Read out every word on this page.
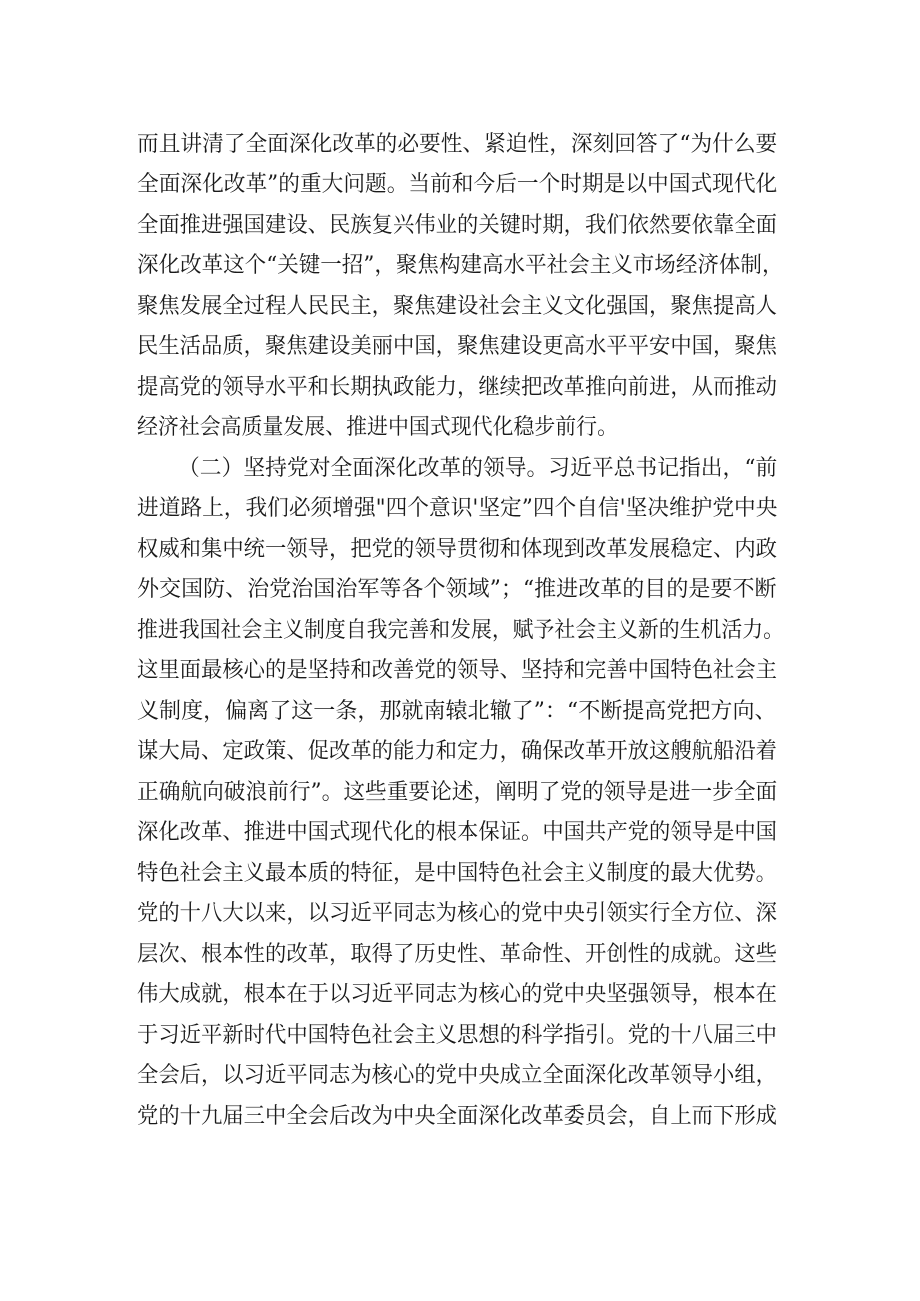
而且讲清了全面深化改革的必要性、紧迫性，深刻回答了“为什么要
全面深化改革”的重大问题。当前和今后一个时期是以中国式现代化
全面推进强国建设、民族复兴伟业的关键时期，我们依然要依靠全面
深化改革这个“关键一招”，聚焦构建高水平社会主义市场经济体制，
聚焦发展全过程人民民主，聚焦建设社会主义文化强国，聚焦提高人
民生活品质，聚焦建设美丽中国，聚焦建设更高水平平安中国，聚焦
提高党的领导水平和长期执政能力，继续把改革推向前进，从而推动
经济社会高质量发展、推进中国式现代化稳步前行。
（二）坚持党对全面深化改革的领导。习近平总书记指出，“前
进道路上，我们必须增强"四个意识'坚定”四个自信'坚决维护党中央
权威和集中统一领导，把党的领导贯彻和体现到改革发展稳定、内政
外交国防、治党治国治军等各个领域”；“推进改革的目的是要不断
推进我国社会主义制度自我完善和发展，赋予社会主义新的生机活力。
这里面最核心的是坚持和改善党的领导、坚持和完善中国特色社会主
义制度，偏离了这一条，那就南辕北辙了”：“不断提高党把方向、
谋大局、定政策、促改革的能力和定力，确保改革开放这艘航船沿着
正确航向破浪前行”。这些重要论述，阐明了党的领导是进一步全面
深化改革、推进中国式现代化的根本保证。中国共产党的领导是中国
特色社会主义最本质的特征，是中国特色社会主义制度的最大优势。
党的十八大以来，以习近平同志为核心的党中央引领实行全方位、深
层次、根本性的改革，取得了历史性、革命性、开创性的成就。这些
伟大成就，根本在于以习近平同志为核心的党中央坚强领导，根本在
于习近平新时代中国特色社会主义思想的科学指引。党的十八届三中
全会后，以习近平同志为核心的党中央成立全面深化改革领导小组，
党的十九届三中全会后改为中央全面深化改革委员会，自上而下形成
